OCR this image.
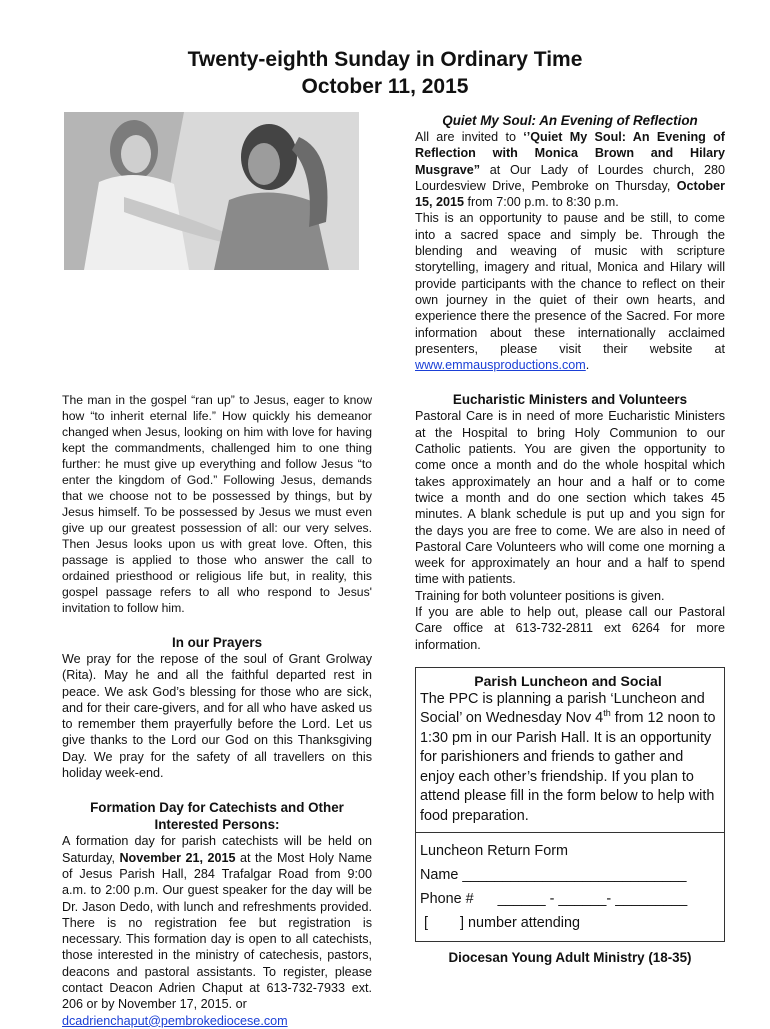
Twenty-eighth Sunday in Ordinary Time
October 11, 2015

The man in the gospel “ran up” to Jesus, eager to know how “to inherit eternal life.” How quickly his demeanor changed when Jesus, looking on him with love for having kept the commandments, challenged him to one thing further: he must give up everything and follow Jesus “to enter the kingdom of God.” Following Jesus, demands that we choose not to be possessed by things, but by Jesus himself. To be possessed by Jesus we must even give up our greatest possession of all: our very selves. Then Jesus looks upon us with great love. Often, this passage is applied to those who answer the call to ordained priesthood or religious life but, in reality, this gospel passage refers to all who respond to Jesus' invitation to follow him.

In our Prayers

We pray for the repose of the soul of Grant Grolway (Rita). May he and all the faithful departed rest in peace. We ask God’s blessing for those who are sick, and for their care-givers, and for all who have asked us to remember them prayerfully before the Lord. Let us give thanks to the Lord our God on this Thanksgiving Day. We pray for the safety of all travellers on this holiday week-end.

Formation Day for Catechists and Other
Interested Persons:

A formation day for parish catechists will be held on Saturday, November 21, 2015 at the Most Holy Name of Jesus Parish Hall, 284 Trafalgar Road from 9:00 a.m. to 2:00 p.m. Our guest speaker for the day will be Dr. Jason Dedo, with lunch and refreshments provided. There is no registration fee but registration is necessary. This formation day is open to all catechists, those interested in the ministry of catechesis, pastors, deacons and pastoral assistants. To register, please contact Deacon Adrien Chaput at 613-732-7933 ext. 206 or by November 17, 2015. or
dcadrienchaput@pembrokediocese.com

Quiet My Soul: An Evening of Reflection

All are invited to ‘’Quiet My Soul: An Evening of Reflection with Monica Brown and Hilary Musgrave” at Our Lady of Lourdes church, 280 Lourdesview Drive, Pembroke on Thursday, October 15, 2015 from 7:00 p.m. to 8:30 p.m.

This is an opportunity to pause and be still, to come into a sacred space and simply be. Through the blending and weaving of music with scripture storytelling, imagery and ritual, Monica and Hilary will provide participants with the chance to reflect on their own journey in the quiet of their own hearts, and experience there the presence of the Sacred. For more information about these internationally acclaimed presenters, please visit their website at www.emmausproductions.com.

Eucharistic Ministers and Volunteers

Pastoral Care is in need of more Eucharistic Ministers at the Hospital to bring Holy Communion to our Catholic patients. You are given the opportunity to come once a month and do the whole hospital which takes approximately an hour and a half or to come twice a month and do one section which takes 45 minutes. A blank schedule is put up and you sign for the days you are free to come. We are also in need of Pastoral Care Volunteers who will come one morning a week for approximately an hour and a half to spend time with patients.

Training for both volunteer positions is given.

If you are able to help out, please call our Pastoral Care office at 613-732-2811 ext 6264 for more information.

Parish Luncheon and Social

The PPC is planning a parish ‘Luncheon and Social’ on Wednesday Nov 4th from 12 noon to 1:30 pm in our Parish Hall. It is an opportunity for parishioners and friends to gather and enjoy each other’s friendship. If you plan to attend please fill in the form below to help with food preparation.

Luncheon Return Form
Name ____________________________
Phone #      ______ - ______- _________
[        ] number attending
Diocesan Young Adult Ministry (18-35)
